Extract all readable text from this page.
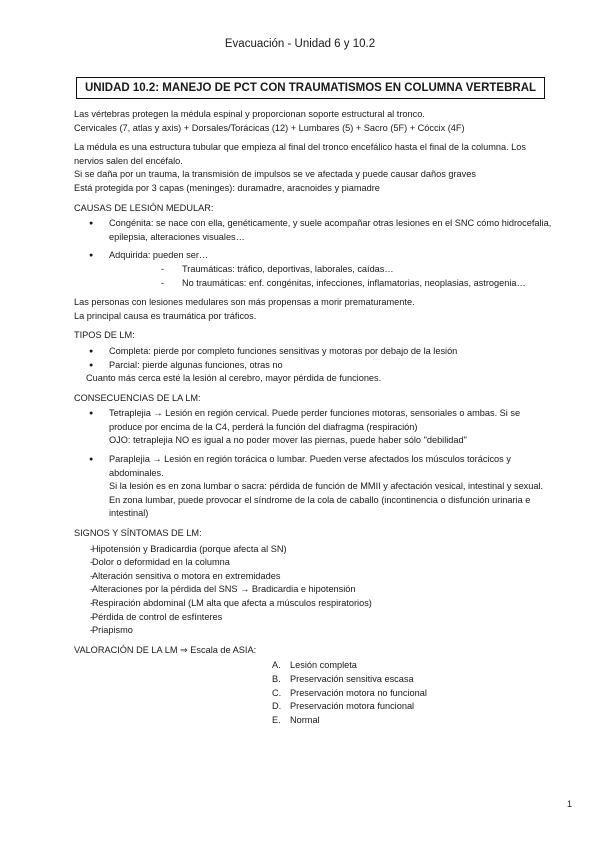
Evacuación - Unidad 6 y 10.2
UNIDAD 10.2: MANEJO DE PCT CON TRAUMATISMOS EN COLUMNA VERTEBRAL

Las vértebras protegen la médula espinal y proporcionan soporte estructural al tronco.

Cervicales (7, atlas y axis) + Dorsales/Torácicas (12) + Lumbares (5) + Sacro (5F) + Cóccix (4F)

La médula es una estructura tubular que empieza al final del tronco encefálico hasta el final de la columna. Los nervios salen del encéfalo.

Si se daña por un trauma, la transmisión de impulsos se ve afectada y puede causar daños graves

Está protegida por 3 capas (meninges): duramadre, aracnoides y piamadre

CAUSAS DE LESIÓN MEDULAR:

● Congénita: se nace con ella, genéticamente, y suele acompañar otras lesiones en el SNC cómo hidrocefalia, epilepsia, alteraciones visuales…
● Adquirida: pueden ser…
- Traumáticas: tráfico, deportivas, laborales, caídas…
- No traumáticas: enf. congénitas, infecciones, inflamatorias, neoplasias, astrogenia…

Las personas con lesiones medulares son más propensas a morir prematuramente.

La principal causa es traumática por tráficos.

TIPOS DE LM:

● Completa: pierde por completo funciones sensitivas y motoras por debajo de la lesión
● Parcial: pierde algunas funciones, otras no

Cuanto más cerca esté la lesión al cerebro, mayor pérdida de funciones.

CONSECUENCIAS DE LA LM:

● Tetraplejia → Lesión en región cervical. Puede perder funciones motoras, sensoriales o ambas. Si se produce por encima de la C4, perderá la función del diafragma (respiración)

OJO: tetraplejia NO es igual a no poder mover las piernas, puede haber sólo "debilidad"

● Paraplejia → Lesión en región torácica o lumbar. Pueden verse afectados los músculos torácicos y abdominales.

Si la lesión es en zona lumbar o sacra: pérdida de función de MMII y afectación vesical, intestinal y sexual.

En zona lumbar, puede provocar el síndrome de la cola de caballo (incontinencia o disfunción urinaria e intestinal)

SIGNOS Y SÍNTOMAS DE LM:

- Hipotensión y Bradicardia (porque afecta al SN)
- Dolor o deformidad en la columna
- Alteración sensitiva o motora en extremidades
- Alteraciones por la pérdida del SNS → Bradicardia e hipotensión
- Respiración abdominal (LM alta que afecta a músculos respiratorios)
- Pérdida de control de esfínteres
- Priapismo

VALORACIÓN DE LA LM ⇒ Escala de ASIA:

A. Lesión completa
B. Preservación sensitiva escasa
C. Preservación motora no funcional
D. Preservación motora funcional
E. Normal
1
